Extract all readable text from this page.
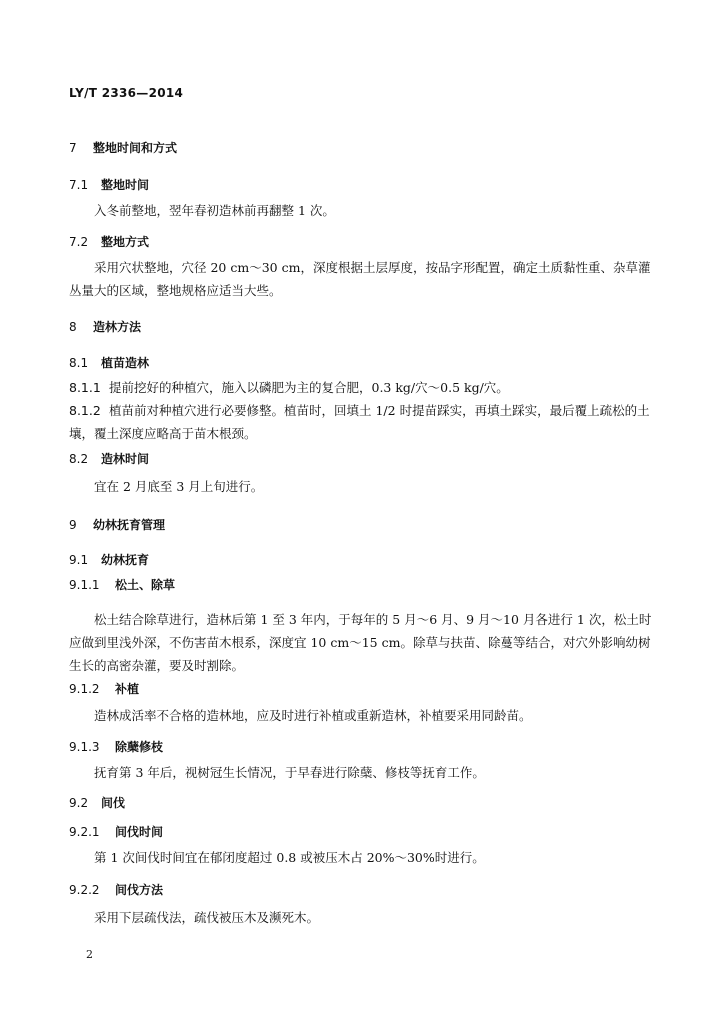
LY/T 2336—2014
7 整地时间和方式
7.1 整地时间
入冬前整地，翌年春初造林前再翻整 1 次。
7.2 整地方式
采用穴状整地，穴径 20 cm～30 cm，深度根据土层厚度，按品字形配置，确定土质黏性重、杂草灌丛量大的区域，整地规格应适当大些。
8 造林方法
8.1 植苗造林
8.1.1 提前挖好的种植穴，施入以磷肥为主的复合肥，0.3 kg/穴～0.5 kg/穴。
8.1.2 植苗前对种植穴进行必要修整。植苗时，回填土 1/2 时提苗踩实，再填土踩实，最后覆上疏松的土壤，覆土深度应略高于苗木根颈。
8.2 造林时间
宜在 2 月底至 3 月上旬进行。
9 幼林抚育管理
9.1 幼林抚育
9.1.1 松土、除草
松土结合除草进行，造林后第 1 至 3 年内，于每年的 5 月～6 月、9 月～10 月各进行 1 次，松土时应做到里浅外深，不伤害苗木根系，深度宜 10 cm～15 cm。除草与扶苗、除蔓等结合，对穴外影响幼树生长的高密杂灌，要及时割除。
9.1.2 补植
造林成活率不合格的造林地，应及时进行补植或重新造林，补植要采用同龄苗。
9.1.3 除蘖修枝
抚育第 3 年后，视树冠生长情况，于早春进行除蘖、修枝等抚育工作。
9.2 间伐
9.2.1 间伐时间
第 1 次间伐时间宜在郁闭度超过 0.8 或被压木占 20%～30%时进行。
9.2.2 间伐方法
采用下层疏伐法，疏伐被压木及濒死木。
2
